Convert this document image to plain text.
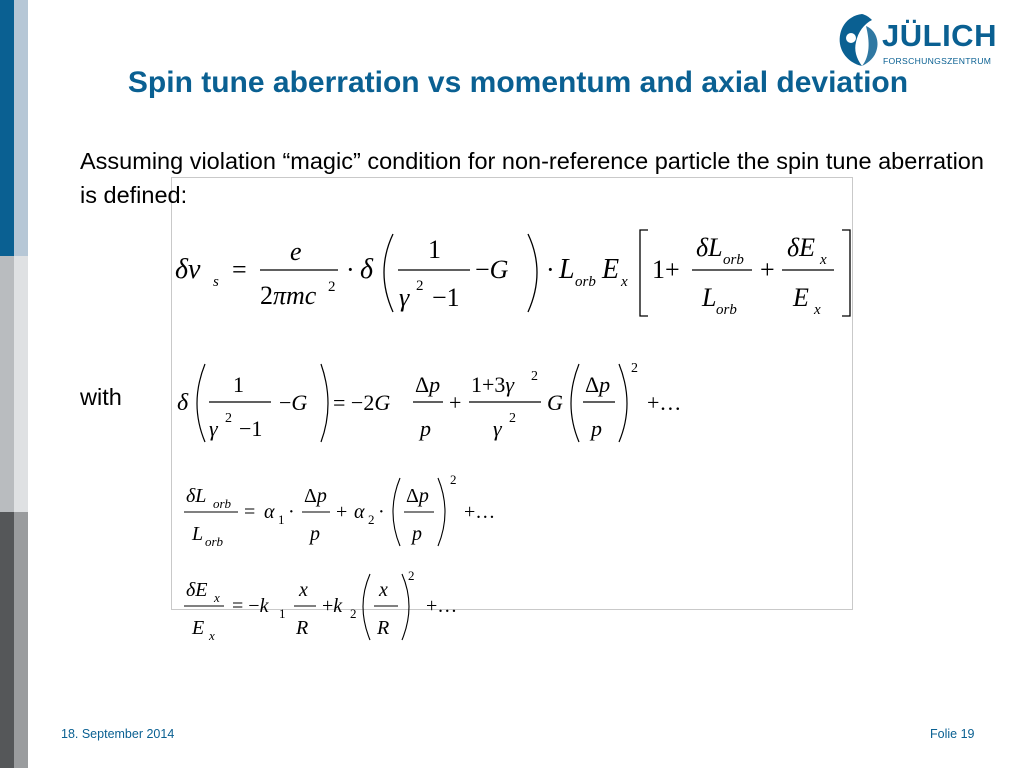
JÜLICH
FORSCHUNGSZENTRUM
Spin tune aberration vs momentum and axial deviation
Assuming violation “magic” condition for non-reference particle the spin tune aberration is defined:
δν s =
e
2πmc 2
· δ
1
γ 2 −1
−G · L orb E x 1+
δL orb
L orb
+
δE x
E x
with δ
1
γ 2 −1
−G = −2G
Δp
p
+
1+3γ 2
γ 2
G
Δp
p
2
+…
δL orb
L orb
= α 1 ·
Δp
p
+ α 2 ·
Δp
p
2
+…
δE x
E x
= −k 1
x
R
+k 2
x
R
2
+…
18. September 2014	Folie 19
